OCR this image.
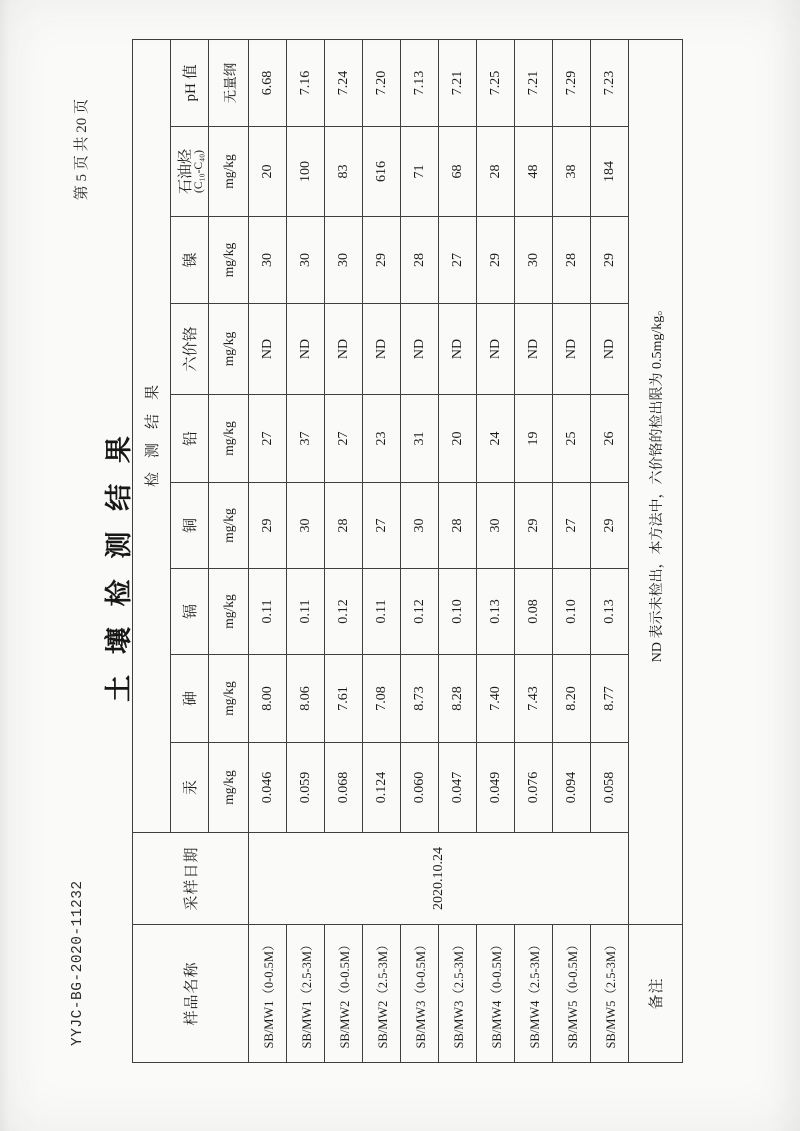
YYJC-BG-2020-11232
第 5 页 共 20 页
土 壤 检 测 结 果
样品名称	采样日期	检测结果								
		汞	砷	镉	铜	铅	六价铬	镍	石油烃 (C₁₀-C₄₀)	pH 值
		mg/kg	mg/kg	mg/kg	mg/kg	mg/kg	mg/kg	mg/kg	mg/kg	无量纲
SB/MW1（0-0.5M）	2020.10.24	0.046	8.00	0.11	29	27	ND	30	20	6.68
SB/MW1（2.5-3M）		0.059	8.06	0.11	30	37	ND	30	100	7.16
SB/MW2（0-0.5M）		0.068	7.61	0.12	28	27	ND	30	83	7.24
SB/MW2（2.5-3M）		0.124	7.08	0.11	27	23	ND	29	616	7.20
SB/MW3（0-0.5M）		0.060	8.73	0.12	30	31	ND	28	71	7.13
SB/MW3（2.5-3M）		0.047	8.28	0.10	28	20	ND	27	68	7.21
SB/MW4（0-0.5M）		0.049	7.40	0.13	30	24	ND	29	28	7.25
SB/MW4（2.5-3M）		0.076	7.43	0.08	29	19	ND	30	48	7.21
SB/MW5（0-0.5M）		0.094	8.20	0.10	27	25	ND	28	38	7.29
SB/MW5（2.5-3M）		0.058	8.77	0.13	29	26	ND	29	184	7.23
备注	ND 表示未检出，本方法中，六价铬的检出限为 0.5mg/kg。									
